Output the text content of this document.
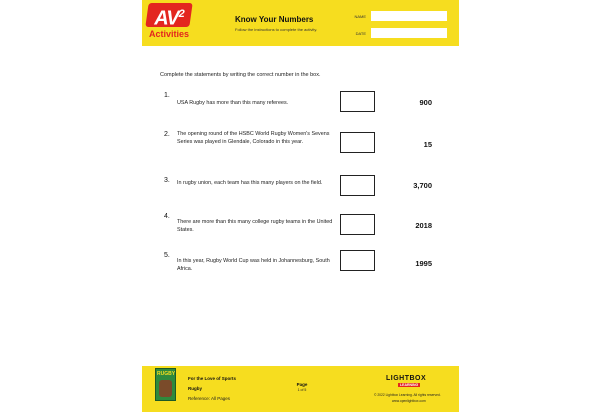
$AV^2$
Activities
Know Your Numbers
Follow the instructions to complete the activity.
NAME
DATE
Complete the statements by writing the correct number in the box.
1.
USA Rugby has more than this many referees.
2. The opening round of the HSBC World Rugby Women's Sevens Series was played in Glendale, Colorado in this year.
3. In rugby union, each team has this many players on the field.
4.
There are more than this many college rugby teams in the United States.
5.
In this year, Rugby World Cup was held in Johannesburg, South Africa.
900
15
3,700
2018
1995
RUGBY
For the Love of Sports
Rugby
Reference: All Pages
Page
1 of 5
LIGHTBOX
LEARNING
© 2022 Lightbox Learning. All rights reserved.
www.openlightbox.com
